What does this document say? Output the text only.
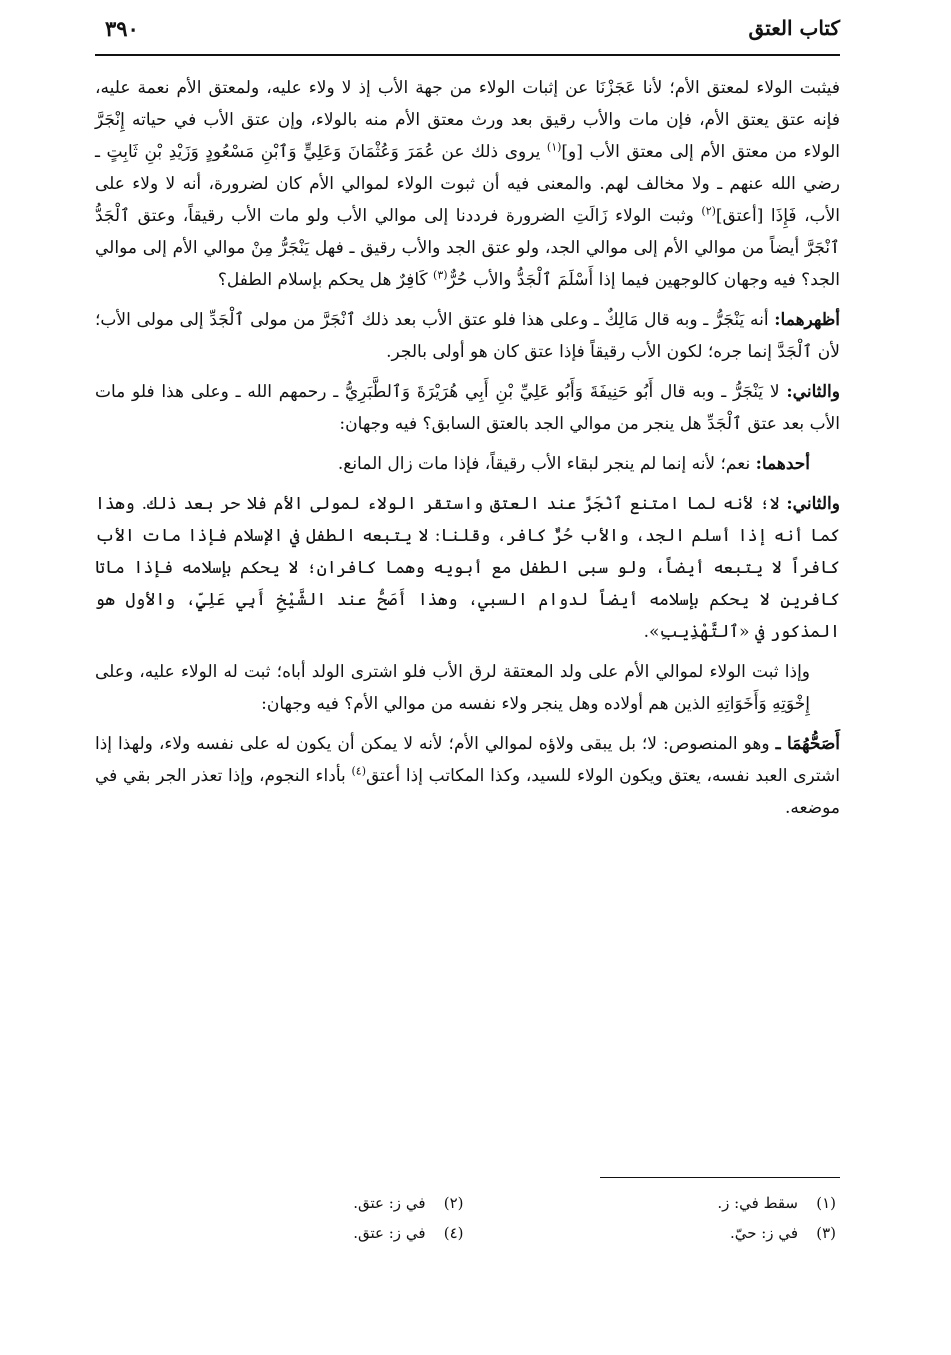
كتاب العتق
٣٩٠

فيثبت الولاء لمعتق الأم؛ لأنا عَجَزْنَا عن إثبات الولاء من جهة الأب إذ لا ولاء عليه، ولمعتق الأم نعمة عليه، فإنه عتق يعتق الأم، فإن مات والأب رقيق بعد ورث معتق الأم منه بالولاء، وإن عتق الأب في حياته إِنْجَرَّ الولاء من معتق الأم إلى معتق الأب [و]$^{(١)}$ يروى ذلك عن عُمَرَ وَعُثْمَانَ وَعَلِيٍّ وَٱبْنِ مَسْعُودٍ وَزَيْدِ بْنِ ثَابِتٍ ـ رضي الله عنهم ـ ولا مخالف لهم. والمعنى فيه أن ثبوت الولاء لموالي الأم كان لضرورة، أنه لا ولاء على الأب، فَإِذَا [أعتق]$^{(٢)}$ وثبت الولاء زَالَتِ الضرورة فرددنا إلى موالي الأب ولو مات الأب رقيقاً، وعتق ٱلْجَدُّ ٱنْجَرَّ أيضاً من موالي الأم إلى موالي الجد، ولو عتق الجد والأب رقيق ـ فهل يَنْجَرُّ مِنْ موالي الأم إلى موالي الجد؟ فيه وجهان كالوجهين فيما إذا أَسْلَمَ ٱلْجَدُّ والأب حُرٌّ$^{(٣)}$ كَافِرٌ هل يحكم بإسلام الطفل؟

أظهرهما: أنه يَنْجَرُّ ـ وبه قال مَالِكٌ ـ وعلى هذا فلو عتق الأب بعد ذلك ٱنْجَرَّ من مولى ٱلْجَدِّ إلى مولى الأب؛ لأن ٱلْجَدَّ إنما جره؛ لكون الأب رقيقاً فإذا عتق كان هو أولى بالجر.

والثاني: لا يَنْجَرُّ ـ وبه قال أَبُو حَنِيفَةَ وَأَبُو عَلِيِّ بْنِ أَبِي هُرَيْرَةَ وَٱلطَّبَرِيُّ ـ رحمهم الله ـ وعلى هذا فلو مات الأب بعد عتق ٱلْجَدِّ هل ينجر من موالي الجد بالعتق السابق؟ فيه وجهان:

أحدهما: نعم؛ لأنه إنما لم ينجر لبقاء الأب رقيقاً، فإذا مات زال المانع.

والثاني: لا؛ لأنه لما امتنع ٱنْجَرَّ عند العتق واستقر الولاء لمولى الأم فلا حر بعد ذلك. وهذا كما أنه إذا أسلم الجد، والأب حُرٌّ كافر، وقلنا: لا يتبعه الطفل في الإسلام فإذا مات الأب كافراً لا يتبعه أيضاً، ولو سبى الطفل مع أبويه وهما كافران؛ لا يحكم بإسلامه فإذا ماتا كافرين لا يحكم بإسلامه أيضاً لدوام السبي، وهذا أَصَحُّ عند الشَّيْخِ أَبِي عَلِيٍّ، والأول هو المذكور في «ٱلتَّهْذِيبِ».

وإذا ثبت الولاء لموالي الأم على ولد المعتقة لرق الأب فلو اشترى الولد أباه؛ ثبت له الولاء عليه، وعلى إِخْوَتِهِ وَأَخَوَاتِهِ الذين هم أولاده وهل ينجر ولاء نفسه من موالي الأم؟ فيه وجهان:

أَصَحُّهُمَا ـ وهو المنصوص: لا؛ بل يبقى ولاؤه لموالي الأم؛ لأنه لا يمكن أن يكون له على نفسه ولاء، ولهذا إذا اشترى العبد نفسه، يعتق ويكون الولاء للسيد، وكذا المكاتب إذا أعتق$^{(٤)}$ بأداء النجوم، وإذا تعذر الجر بقي في موضعه.

(١)
سقط في: ز.
(٢)
في ز: عتق.
(٣)
في ز: حيّ.
(٤)
في ز: عتق.
